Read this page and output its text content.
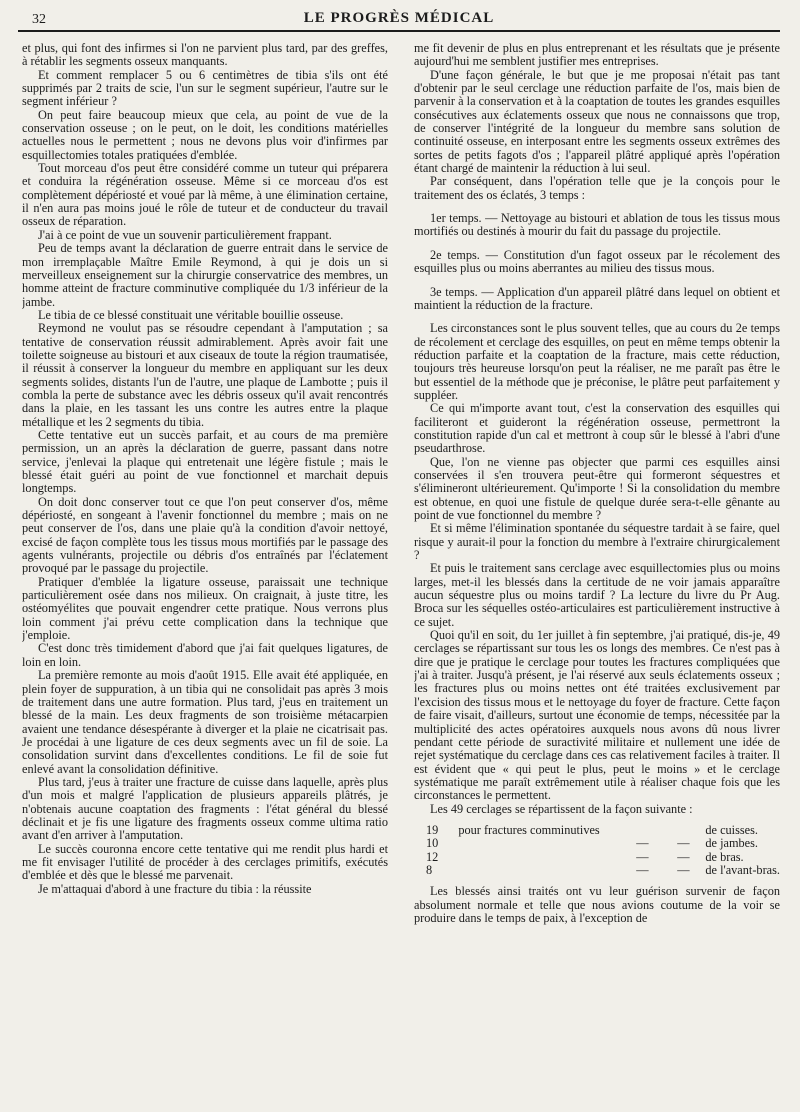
32	LE PROGRÈS MÉDICAL

et plus, qui font des infirmes si l'on ne parvient plus tard, par des greffes, à rétablir les segments osseux manquants.

Et comment remplacer 5 ou 6 centimètres de tibia s'ils ont été supprimés par 2 traits de scie, l'un sur le segment supérieur, l'autre sur le segment inférieur ?

On peut faire beaucoup mieux que cela, au point de vue de la conservation osseuse ; on le peut, on le doit, les conditions matérielles actuelles nous le permettent ; nous ne devons plus voir d'infirmes par esquillectomies totales pratiquées d'emblée.

Tout morceau d'os peut être considéré comme un tuteur qui préparera et conduira la régénération osseuse. Même si ce morceau d'os est complètement dépériosté et voué par là même, à une élimination certaine, il n'en aura pas moins joué le rôle de tuteur et de conducteur du travail osseux de réparation.

J'ai à ce point de vue un souvenir particulièrement frappant.

Peu de temps avant la déclaration de guerre entrait dans le service de mon irremplaçable Maître Emile Reymond, à qui je dois un si merveilleux enseignement sur la chirurgie conservatrice des membres, un homme atteint de fracture comminutive compliquée du 1/3 inférieur de la jambe.

Le tibia de ce blessé constituait une véritable bouillie osseuse.

Reymond ne voulut pas se résoudre cependant à l'amputation ; sa tentative de conservation réussit admirablement. Après avoir fait une toilette soigneuse au bistouri et aux ciseaux de toute la région traumatisée, il réussit à conserver la longueur du membre en appliquant sur les deux segments solides, distants l'un de l'autre, une plaque de Lambotte ; puis il combla la perte de substance avec les débris osseux qu'il avait rencontrés dans la plaie, en les tassant les uns contre les autres entre la plaque métallique et les 2 segments du tibia.

Cette tentative eut un succès parfait, et au cours de ma première permission, un an après la déclaration de guerre, passant dans notre service, j'enlevai la plaque qui entretenait une légère fistule ; mais le blessé était guéri au point de vue fonctionnel et marchait depuis longtemps.

On doit donc conserver tout ce que l'on peut conserver d'os, même dépériosté, en songeant à l'avenir fonctionnel du membre ; mais on ne peut conserver de l'os, dans une plaie qu'à la condition d'avoir nettoyé, excisé de façon complète tous les tissus mous mortifiés par le passage des agents vulnérants, projectile ou débris d'os entraînés par l'éclatement provoqué par le passage du projectile.

Pratiquer d'emblée la ligature osseuse, paraissait une technique particulièrement osée dans nos milieux. On craignait, à juste titre, les ostéomyélites que pouvait engendrer cette pratique. Nous verrons plus loin comment j'ai prévu cette complication dans la technique que j'emploie.

C'est donc très timidement d'abord que j'ai fait quelques ligatures, de loin en loin.

La première remonte au mois d'août 1915. Elle avait été appliquée, en plein foyer de suppuration, à un tibia qui ne consolidait pas après 3 mois de traitement dans une autre formation. Plus tard, j'eus en traitement un blessé de la main. Les deux fragments de son troisième métacarpien avaient une tendance désespérante à diverger et la plaie ne cicatrisait pas. Je procédai à une ligature de ces deux segments avec un fil de soie. La consolidation survint dans d'excellentes conditions. Le fil de soie fut enlevé avant la consolidation définitive.

Plus tard, j'eus à traiter une fracture de cuisse dans laquelle, après plus d'un mois et malgré l'application de plusieurs appareils plâtrés, je n'obtenais aucune coaptation des fragments : l'état général du blessé déclinait et je fis une ligature des fragments osseux comme ultima ratio avant d'en arriver à l'amputation.

Le succès couronna encore cette tentative qui me rendit plus hardi et me fit envisager l'utilité de procéder à des cerclages primitifs, exécutés d'emblée et dès que le blessé me parvenait.

Je m'attaquai d'abord à une fracture du tibia : la réussite

me fit devenir de plus en plus entreprenant et les résultats que je présente aujourd'hui me semblent justifier mes entreprises.

D'une façon générale, le but que je me proposai n'était pas tant d'obtenir par le seul cerclage une réduction parfaite de l'os, mais bien de parvenir à la conservation et à la coaptation de toutes les grandes esquilles consécutives aux éclatements osseux que nous ne connaissons que trop, de conserver l'intégrité de la longueur du membre sans solution de continuité osseuse, en interposant entre les segments osseux extrêmes des sortes de petits fagots d'os ; l'appareil plâtré appliqué après l'opération étant chargé de maintenir la réduction à lui seul.

Par conséquent, dans l'opération telle que je la conçois pour le traitement des os éclatés, 3 temps :

1er temps. — Nettoyage au bistouri et ablation de tous les tissus mous mortifiés ou destinés à mourir du fait du passage du projectile.

2e temps. — Constitution d'un fagot osseux par le récolement des esquilles plus ou moins aberrantes au milieu des tissus mous.

3e temps. — Application d'un appareil plâtré dans lequel on obtient et maintient la réduction de la fracture.

Les circonstances sont le plus souvent telles, que au cours du 2e temps de récolement et cerclage des esquilles, on peut en même temps obtenir la réduction parfaite et la coaptation de la fracture, mais cette réduction, toujours très heureuse lorsqu'on peut la réaliser, ne me paraît pas être le but essentiel de la méthode que je préconise, le plâtre peut parfaitement y suppléer.

Ce qui m'importe avant tout, c'est la conservation des esquilles qui faciliteront et guideront la régénération osseuse, permettront la constitution rapide d'un cal et mettront à coup sûr le blessé à l'abri d'une pseudarthrose.

Que, l'on ne vienne pas objecter que parmi ces esquilles ainsi conservées il s'en trouvera peut-être qui formeront séquestres et s'élimineront ultérieurement. Qu'importe ! Si la consolidation du membre est obtenue, en quoi une fistule de quelque durée sera-t-elle gênante au point de vue fonctionnel du membre ?

Et si même l'élimination spontanée du séquestre tardait à se faire, quel risque y aurait-il pour la fonction du membre à l'extraire chirurgicalement ?

Et puis le traitement sans cerclage avec esquillectomies plus ou moins larges, met-il les blessés dans la certitude de ne voir jamais apparaître aucun séquestre plus ou moins tardif ? La lecture du livre du Pr Aug. Broca sur les séquelles ostéo-articulaires est particulièrement instructive à ce sujet.

Quoi qu'il en soit, du 1er juillet à fin septembre, j'ai pratiqué, dis-je, 49 cerclages se répartissant sur tous les os longs des membres. Ce n'est pas à dire que je pratique le cerclage pour toutes les fractures compliquées que j'ai à traiter. Jusqu'à présent, je l'ai réservé aux seuls éclatements osseux ; les fractures plus ou moins nettes ont été traitées exclusivement par l'excision des tissus mous et le nettoyage du foyer de fracture. Cette façon de faire visait, d'ailleurs, surtout une économie de temps, nécessitée par la multiplicité des actes opératoires auxquels nous avons dû nous livrer pendant cette période de suractivité militaire et nullement une idée de rejet systématique du cerclage dans ces cas relativement faciles à traiter. Il est évident que « qui peut le plus, peut le moins » et le cerclage systématique me paraît extrêmement utile à réaliser chaque fois que les circonstances le permettent.

Les 49 cerclages se répartissent de la façon suivante :

19	pour fractures comminutives			de cuisses.
10		—	—	de jambes.
12		—	—	de bras.
8		—	—	de l'avant-bras.

Les blessés ainsi traités ont vu leur guérison survenir de façon absolument normale et telle que nous avions coutume de la voir se produire dans le temps de paix, à l'exception de
